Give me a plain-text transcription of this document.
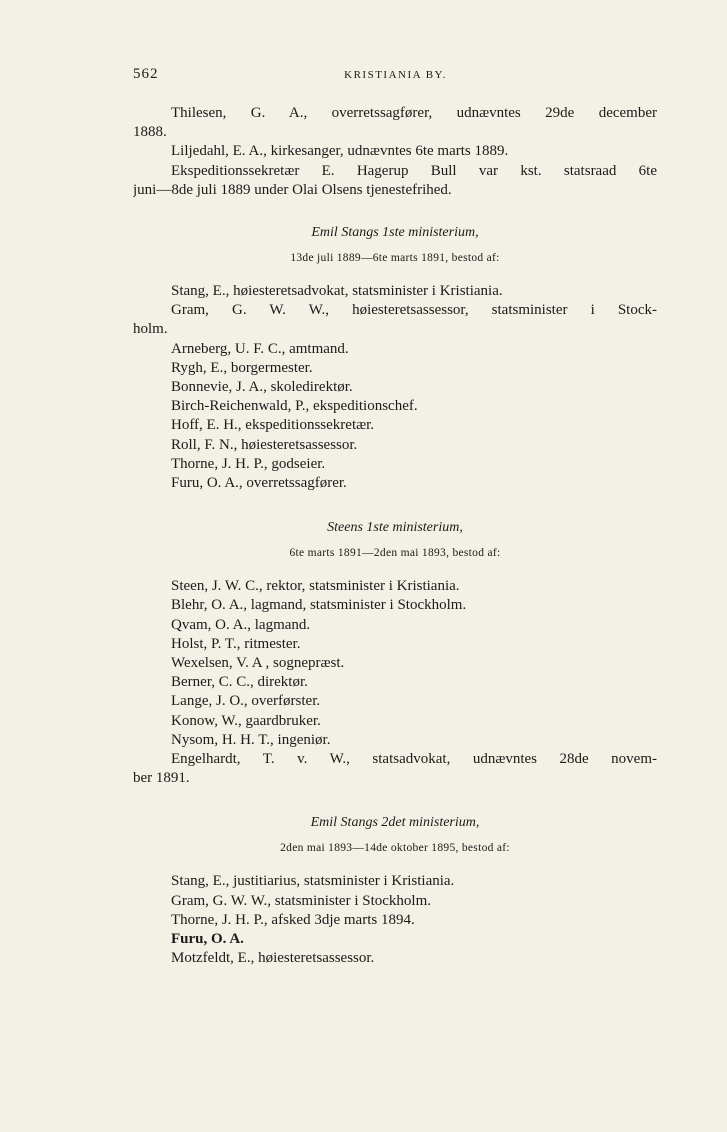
562	KRISTIANIA BY.
Thilesen, G. A., overretssagfører, udnævntes 29de december
1888.
Liljedahl, E. A., kirkesanger, udnævntes 6te marts 1889.
Ekspeditionssekretær E. Hagerup Bull var kst. statsraad 6te
juni—8de juli 1889 under Olai Olsens tjenestefrihed.
Emil Stangs 1ste ministerium,
13de juli 1889—6te marts 1891, bestod af:
Stang, E., høiesteretsadvokat, statsminister i Kristiania.
Gram, G. W. W., høiesteretsassessor, statsminister i Stock-
holm.
Arneberg, U. F. C., amtmand.
Rygh, E., borgermester.
Bonnevie, J. A., skoledirektør.
Birch-Reichenwald, P., ekspeditionschef.
Hoff, E. H., ekspeditionssekretær.
Roll, F. N., høiesteretsassessor.
Thorne, J. H. P., godseier.
Furu, O. A., overretssagfører.
Steens 1ste ministerium,
6te marts 1891—2den mai 1893, bestod af:
Steen, J. W. C., rektor, statsminister i Kristiania.
Blehr, O. A., lagmand, statsminister i Stockholm.
Qvam, O. A., lagmand.
Holst, P. T., ritmester.
Wexelsen, V. A , sognepræst.
Berner, C. C., direktør.
Lange, J. O., overførster.
Konow, W., gaardbruker.
Nysom, H. H. T., ingeniør.
Engelhardt, T. v. W., statsadvokat, udnævntes 28de novem-
ber 1891.
Emil Stangs 2det ministerium,
2den mai 1893—14de oktober 1895, bestod af:
Stang, E., justitiarius, statsminister i Kristiania.
Gram, G. W. W., statsminister i Stockholm.
Thorne, J. H. P., afsked 3dje marts 1894.
Furu, O. A.
Motzfeldt, E., høiesteretsassessor.
